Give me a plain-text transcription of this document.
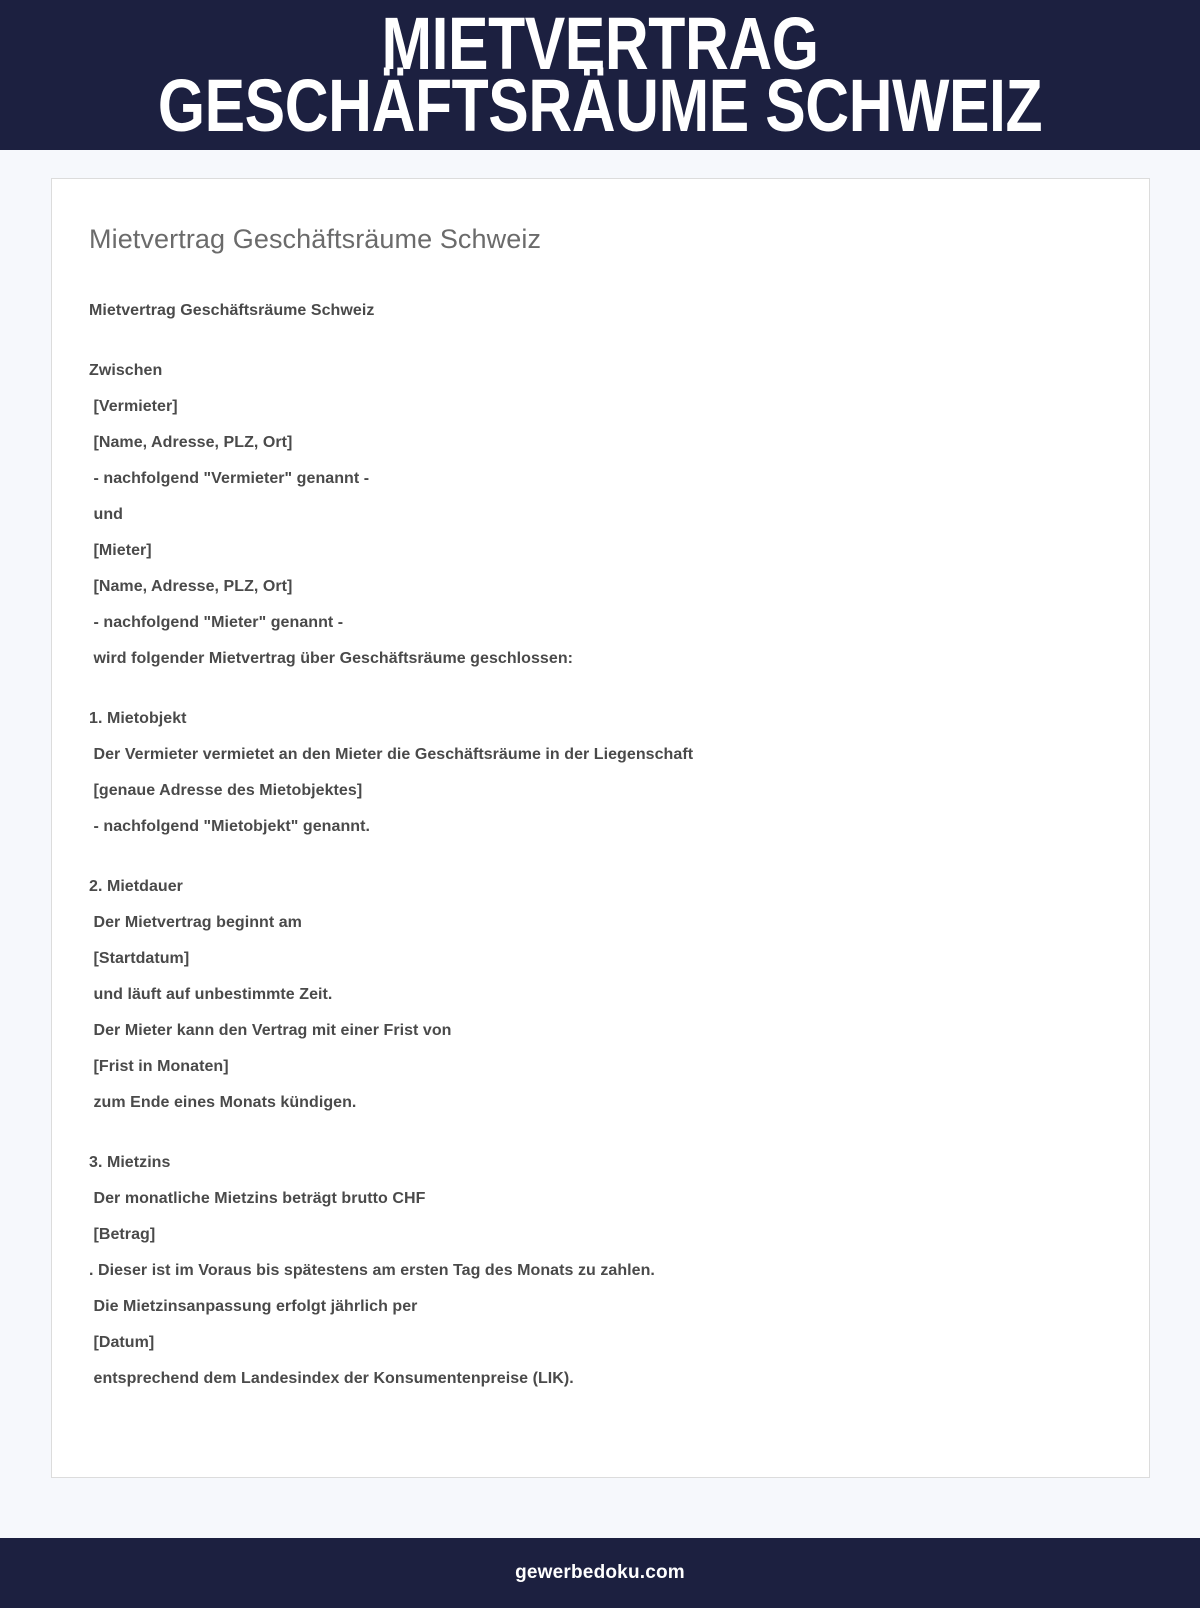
MIETVERTRAG
GESCHÄFTSRÄUME SCHWEIZ
Mietvertrag Geschäftsräume Schweiz
Mietvertrag Geschäftsräume Schweiz
Zwischen
[Vermieter]
[Name, Adresse, PLZ, Ort]
- nachfolgend "Vermieter" genannt -
und
[Mieter]
[Name, Adresse, PLZ, Ort]
- nachfolgend "Mieter" genannt -
wird folgender Mietvertrag über Geschäftsräume geschlossen:
1. Mietobjekt
Der Vermieter vermietet an den Mieter die Geschäftsräume in der Liegenschaft
[genaue Adresse des Mietobjektes]
- nachfolgend "Mietobjekt" genannt.
2. Mietdauer
Der Mietvertrag beginnt am
[Startdatum]
und läuft auf unbestimmte Zeit.
Der Mieter kann den Vertrag mit einer Frist von
[Frist in Monaten]
zum Ende eines Monats kündigen.
3. Mietzins
Der monatliche Mietzins beträgt brutto CHF
[Betrag]
. Dieser ist im Voraus bis spätestens am ersten Tag des Monats zu zahlen.
Die Mietzinsanpassung erfolgt jährlich per
[Datum]
entsprechend dem Landesindex der Konsumentenpreise (LIK).
gewerbedoku.com
